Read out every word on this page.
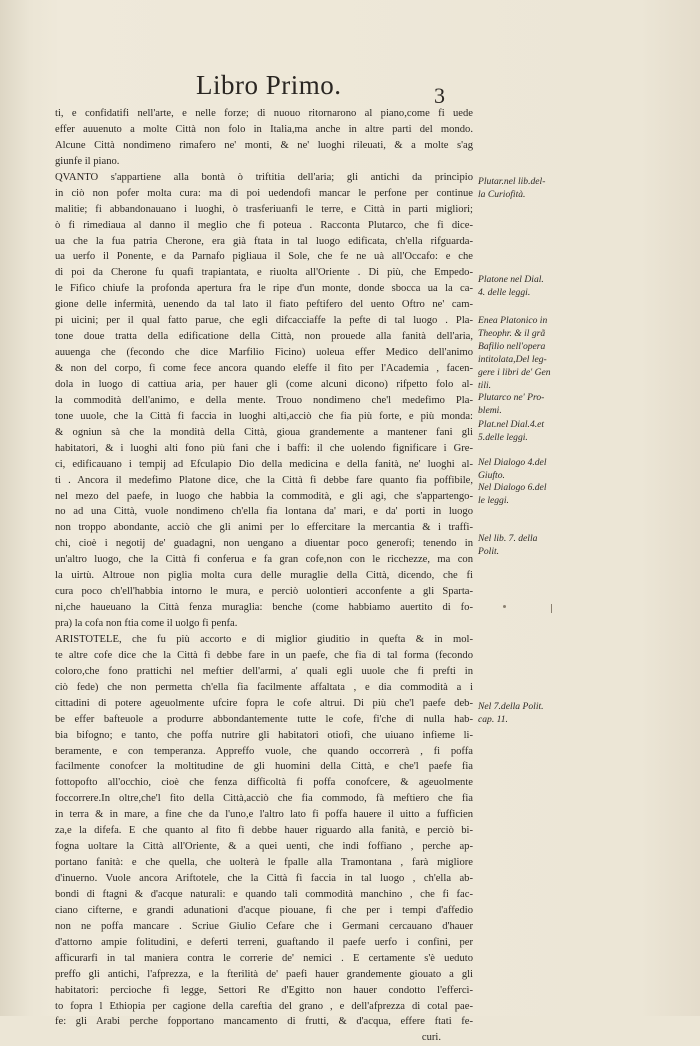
Libro Primo.	3
ti, e confidatifi nell'arte, e nelle forze; di nuouo ritornarono al piano,come fi uede
effer auuenuto a molte Città non folo in Italia,ma anche in altre parti del mondo.
Alcune Città nondimeno rimafero ne' monti, & ne' luoghi rileuati, & a molte s'ag
giunfe il piano.
QVANTO s'appartiene alla bontà ò triftitia dell'aria; gli antichi da principio
in ciò non pofer molta cura: ma di poi uedendofi mancar le perfone per continue
malitie; fi abbandonauano i luoghi, ò trasferiuanfi le terre, e Città in parti migliori;
ò fi rimediaua al danno il meglio che fi poteua . Racconta Plutarco, che fi dice-
ua che la fua patria Cherone, era già ftata in tal luogo edificata, ch'ella rifguarda-
ua uerfo il Ponente, e da Parnafo pigliaua il Sole, che fe ne uà all'Occafo: e che
di poi da Cherone fu quafi trapiantata, e riuolta all'Oriente . Di più, che Empedo-
le Fifico chiufe la profonda apertura fra le ripe d'un monte, donde sbocca ua la ca-
gione delle infermità, uenendo da tal lato il fiato peftifero del uento Oftro ne' cam-
pi uicini; per il qual fatto parue, che egli difcacciaffe la pefte di tal luogo . Pla-
tone doue tratta della edificatione della Città, non prouede alla fanità dell'aria,
auuenga che (fecondo che dice Marfilio Ficino) uoleua effer Medico dell'animo
& non del corpo, fi come fece ancora quando eleffe il fito per l'Academia , facen-
dola in luogo di cattiua aria, per hauer gli (come alcuni dicono) rifpetto folo al-
la commodità dell'animo, e della mente. Trouo nondimeno che'l medefimo Pla-
tone uuole, che la Città fi faccia in luoghi alti,acciò che fia più forte, e più monda:
& ogniun sà che la mondità della Città, gioua grandemente a mantener fani gli
habitatori, & i luoghi alti fono più fani che i baffi: il che uolendo fignificare i Gre-
ci, edificauano i tempij ad Efculapio Dio della medicina e della fanità, ne' luoghi al-
ti . Ancora il medefimo Platone dice, che la Città fi debbe fare quanto fia poffibile,
nel mezo del paefe, in luogo che habbia la commodità, e gli agi, che s'appartengo-
no ad una Città, vuole nondimeno ch'ella fia lontana da' mari, e da' porti in luogo
non troppo abondante, acciò che gli animi per lo effercitare la mercantia & i traffi-
chi, cioè i negotij de' guadagni, non uengano a diuentar poco generofi; tenendo in
un'altro luogo, che la Città fi conferua e fa gran cofe,non con le ricchezze, ma con
la uirtù. Altroue non piglia molta cura delle muraglie della Città, dicendo, che fi
cura poco ch'ell'habbia intorno le mura, e perciò uolontieri acconfente a gli Sparta-
ni,che haueuano la Città fenza muraglia: benche (come habbiamo auertito di fo-
pra) la cofa non ftia come il uolgo fi penfa.
ARISTOTELE, che fu più accorto e di miglior giuditio in quefta & in mol-
te altre cofe dice che la Città fi debbe fare in un paefe, che fia di tal forma (fecondo
coloro,che fono prattichi nel meftier dell'armi, a' quali egli uuole che fi prefti in
ciò fede) che non permetta ch'ella fia facilmente affaltata , e dia commodità a i
cittadini di potere ageuolmente ufcire fopra le cofe altrui. Di più che'l paefe deb-
be effer bafteuole a produrre abbondantemente tutte le cofe, fi'che di nulla hab-
bia bifogno; e tanto, che poffa nutrire gli habitatori otiofi, che uiuano infieme li-
beramente, e con temperanza. Appreffo vuole, che quando occorrerà , fi poffa
facilmente conofcer la moltitudine de gli huomini della Città, e che'l paefe fia
fottopofto all'occhio, cioè che fenza difficoltà fi poffa conofcere, & ageuolmente
foccorrere.In oltre,che'l fito della Città,acciò che fia commodo, fà meftiero che fia
in terra & in mare, a fine che da l'uno,e l'altro lato fi poffa hauere il uitto a fufficien
za,e la difefa. E che quanto al fito fi debbe hauer riguardo alla fanità, e perciò bi-
fogna uoltare la Città all'Oriente, & a quei uenti, che indi foffiano , perche ap-
portano fanità: e che quella, che uolterà le fpalle alla Tramontana , farà migliore
d'inuerno. Vuole ancora Ariftotele, che la Città fi faccia in tal luogo , ch'ella ab-
bondi di ftagni & d'acque naturali: e quando tali commodità manchino , che fi fac-
ciano cifterne, e grandi adunationi d'acque piouane, fi che per i tempi d'affedio
non ne poffa mancare . Scriue Giulio Cefare che i Germani cercauano d'hauer
d'attorno ampie folitudini, e deferti terreni, guaftando il paefe uerfo i confini, per
afficurarfi in tal maniera contra le correrie de' nemici . E certamente s'è ueduto
preffo gli antichi, l'afprezza, e la fterilità de' paefi hauer grandemente giouato a gli
habitatori: percioche fi legge, Settori Re d'Egitto non hauer condotto l'effercì-
to fopra l Ethiopia per cagione della careftia del grano , e dell'afprezza di cotal pae-
fe: gli Arabi perche fopportano mancamento di frutti, & d'acqua, effere ftati fe-
curi.
Plutar.nel lib.del-
la Curiofità.
Platone nel Dial.
4. delle leggi.
Enea Platonico in
Theophr. & il grã
Bafilio nell'opera
intitolata,Del leg-
gere i libri de' Gen
tili.
Plutarco ne' Pro-
blemi.
Plat.nel Dial.4.et
5.delle leggi.
Nel Dialogo 4.del
Giufto.
Nel Dialogo 6.del
le leggi.
Nel lib. 7. della
Polit.
Nel 7.della Polit.
cap. 11.
